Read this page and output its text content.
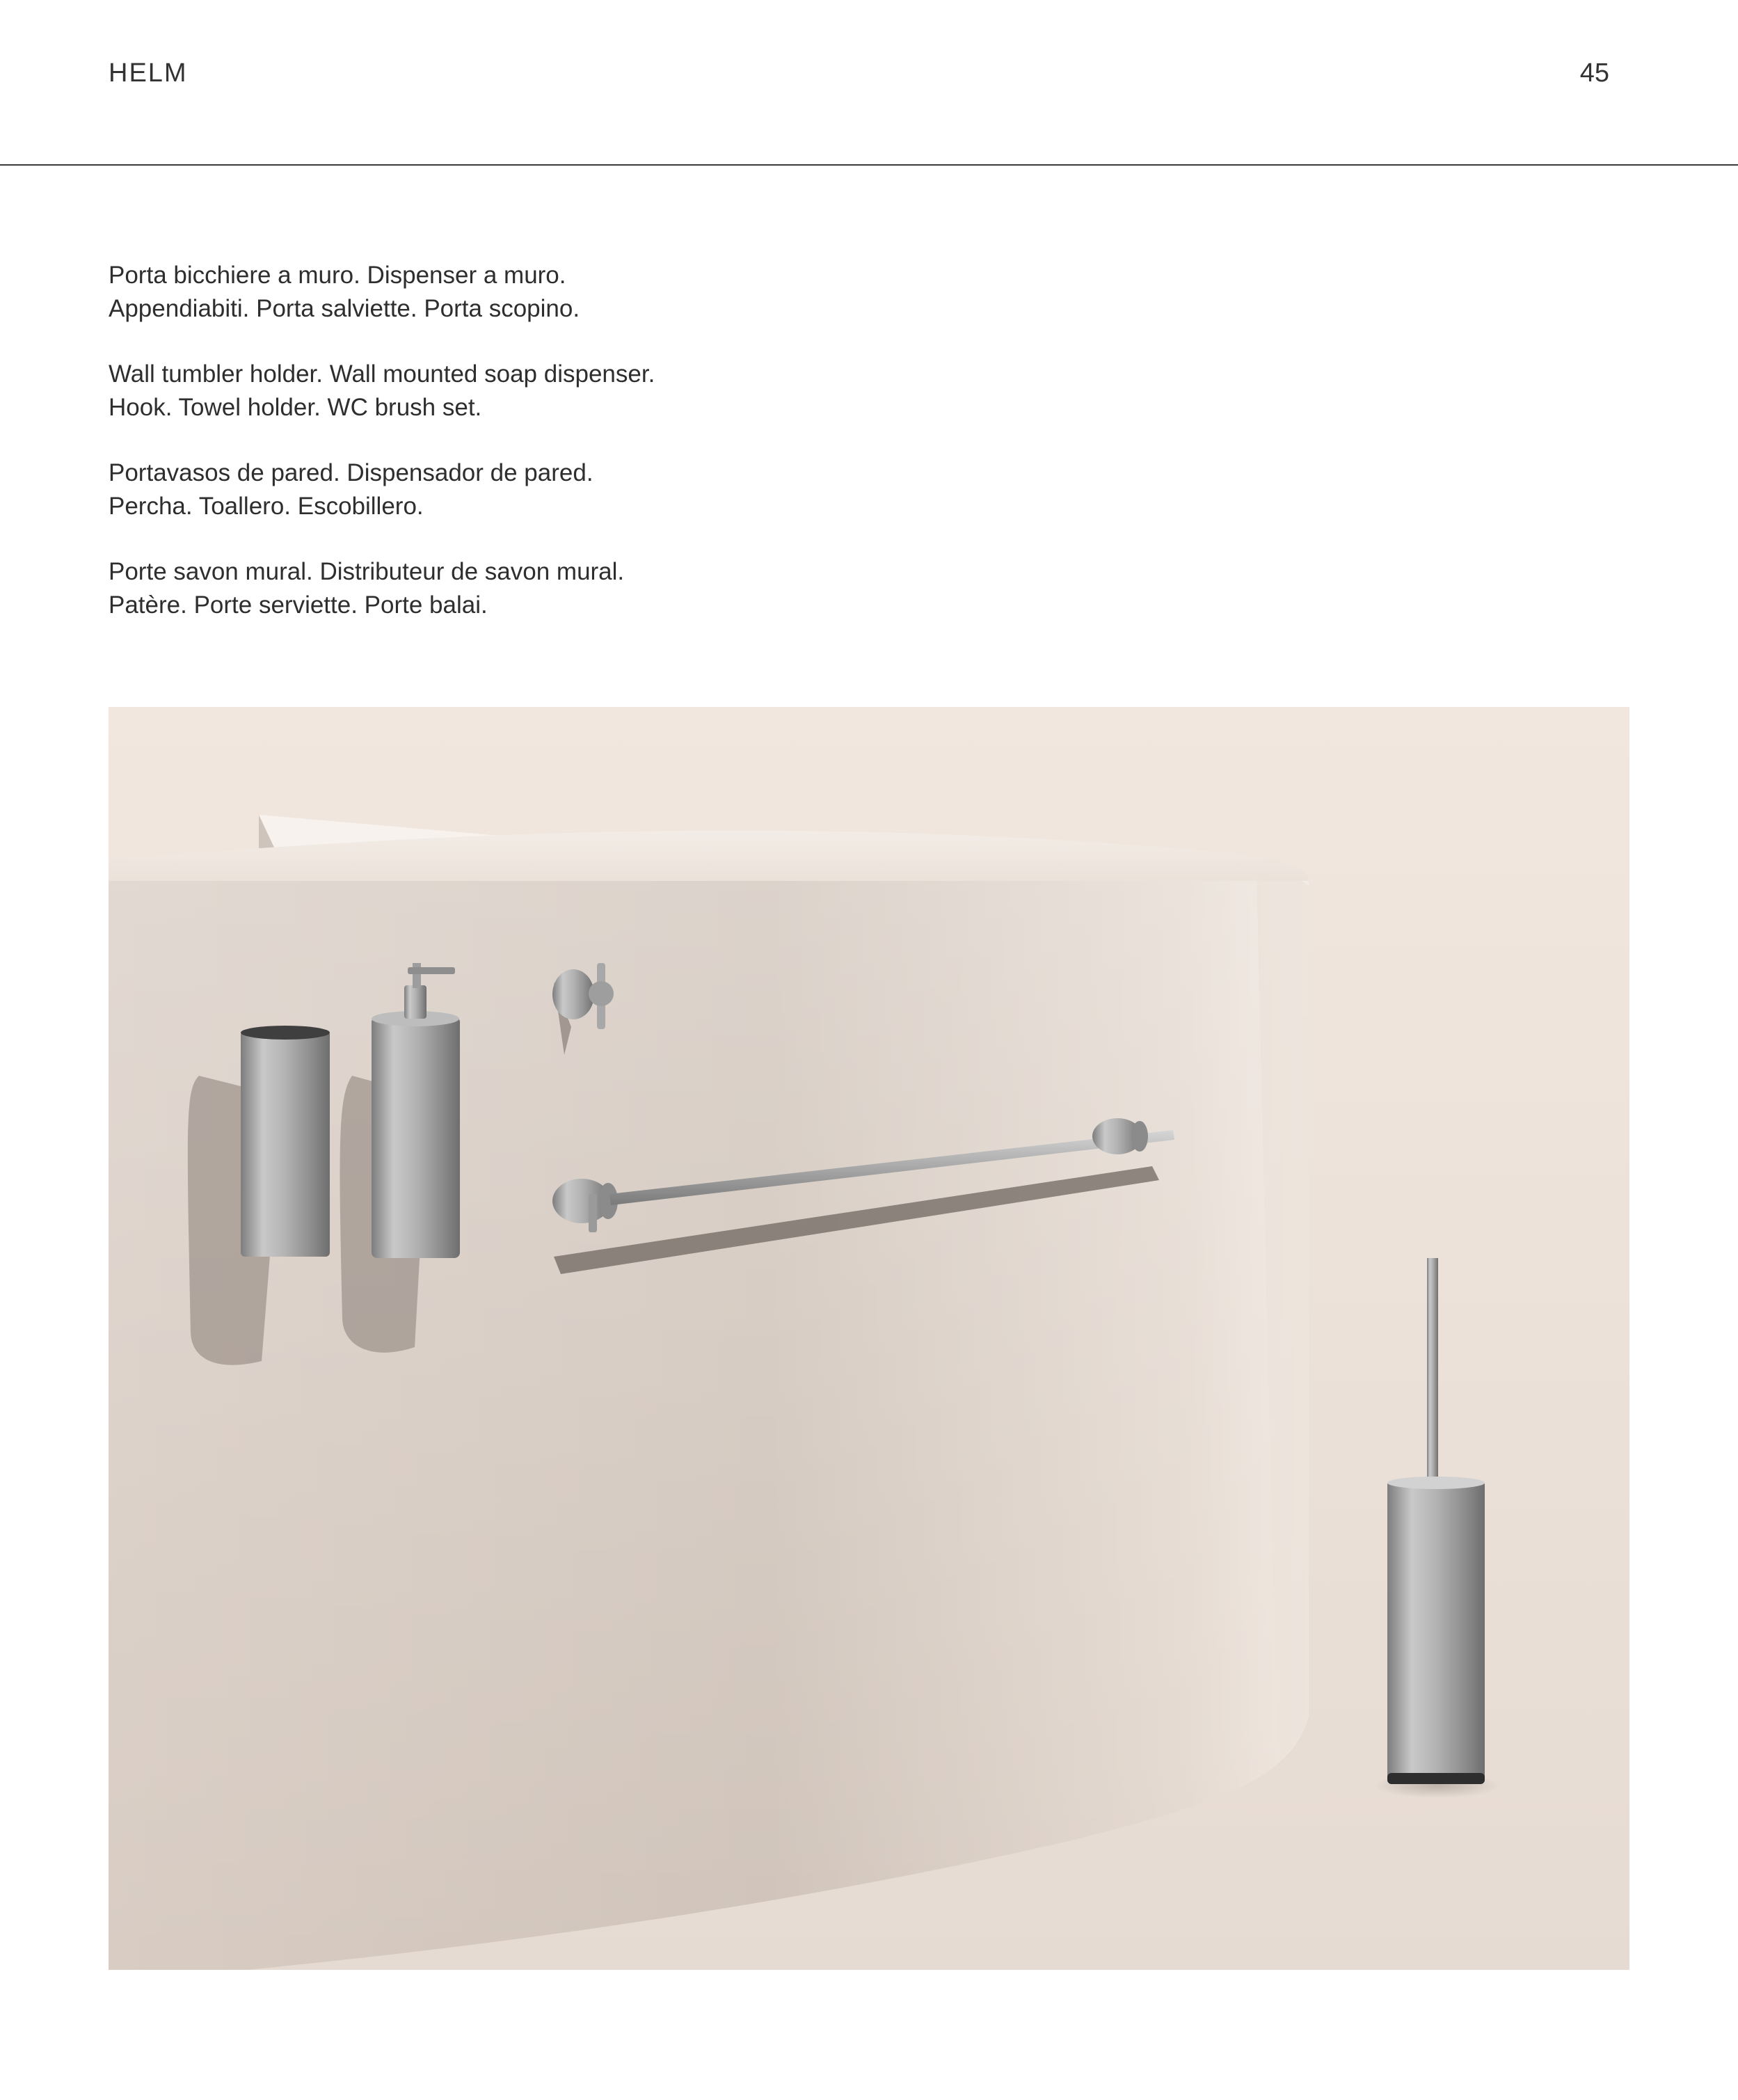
HELM	45
Porta bicchiere a muro. Dispenser a muro.
Appendiabiti. Porta salviette. Porta scopino.
Wall tumbler holder. Wall mounted soap dispenser.
Hook. Towel holder. WC brush set.
Portavasos de pared. Dispensador de pared.
Percha. Toallero. Escobillero.
Porte savon mural. Distributeur de savon mural.
Patère. Porte serviette. Porte balai.
